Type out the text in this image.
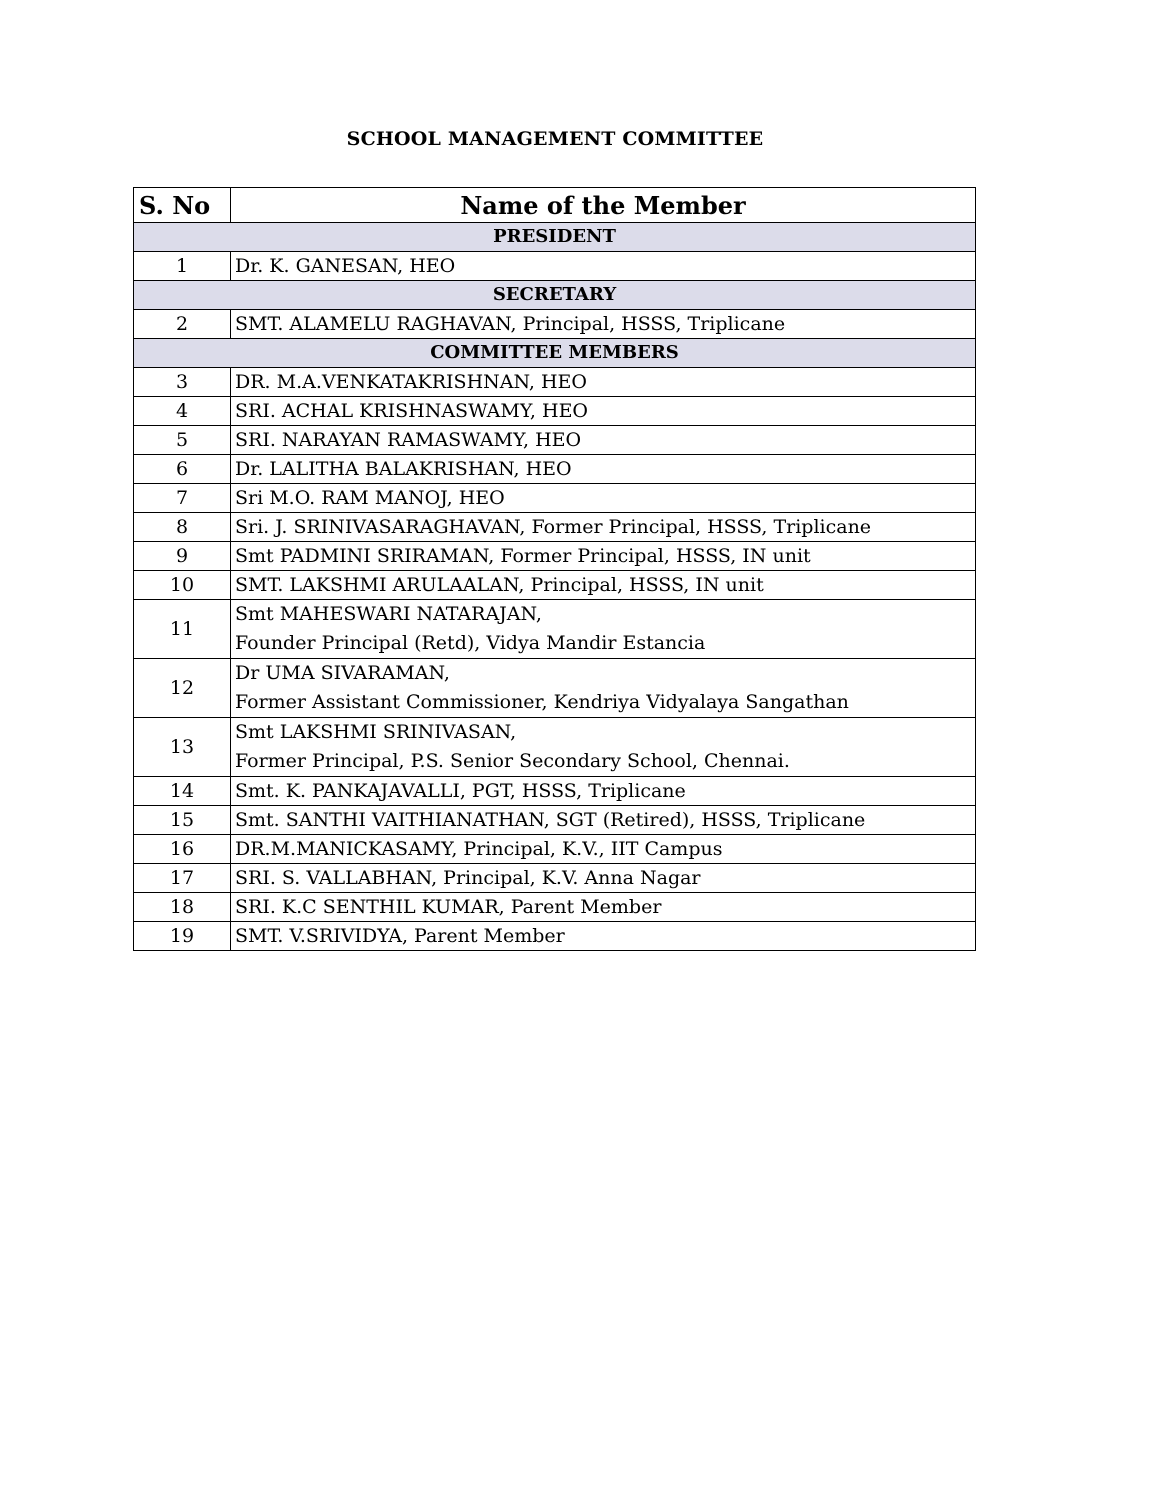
SCHOOL MANAGEMENT COMMITTEE
S. No	Name of the Member
PRESIDENT	
1	Dr. K. GANESAN, HEO

SECRETARY	
2	SMT. ALAMELU RAGHAVAN, Principal, HSSS, Triplicane

COMMITTEE MEMBERS	
3	DR. M.A.VENKATAKRISHNAN, HEO

4	SRI. ACHAL KRISHNASWAMY, HEO

5	SRI. NARAYAN RAMASWAMY, HEO

6	Dr. LALITHA BALAKRISHAN, HEO

7	Sri M.O. RAM MANOJ, HEO

8	Sri. J. SRINIVASARAGHAVAN, Former Principal, HSSS, Triplicane

9	Smt PADMINI SRIRAMAN, Former Principal, HSSS, IN unit

10	SMT. LAKSHMI ARULAALAN, Principal, HSSS, IN unit

11	Smt MAHESWARI NATARAJAN,
Founder Principal (Retd), Vidya Mandir Estancia

12	Dr UMA SIVARAMAN,
Former Assistant Commissioner, Kendriya Vidyalaya Sangathan

13	Smt LAKSHMI SRINIVASAN,
Former Principal, P.S. Senior Secondary School, Chennai.

14	Smt. K. PANKAJAVALLI, PGT, HSSS, Triplicane

15	Smt. SANTHI VAITHIANATHAN, SGT (Retired), HSSS, Triplicane

16	DR.M.MANICKASAMY, Principal, K.V., IIT Campus

17	SRI. S. VALLABHAN, Principal, K.V. Anna Nagar

18	SRI. K.C SENTHIL KUMAR, Parent Member

19	SMT. V.SRIVIDYA, Parent Member
